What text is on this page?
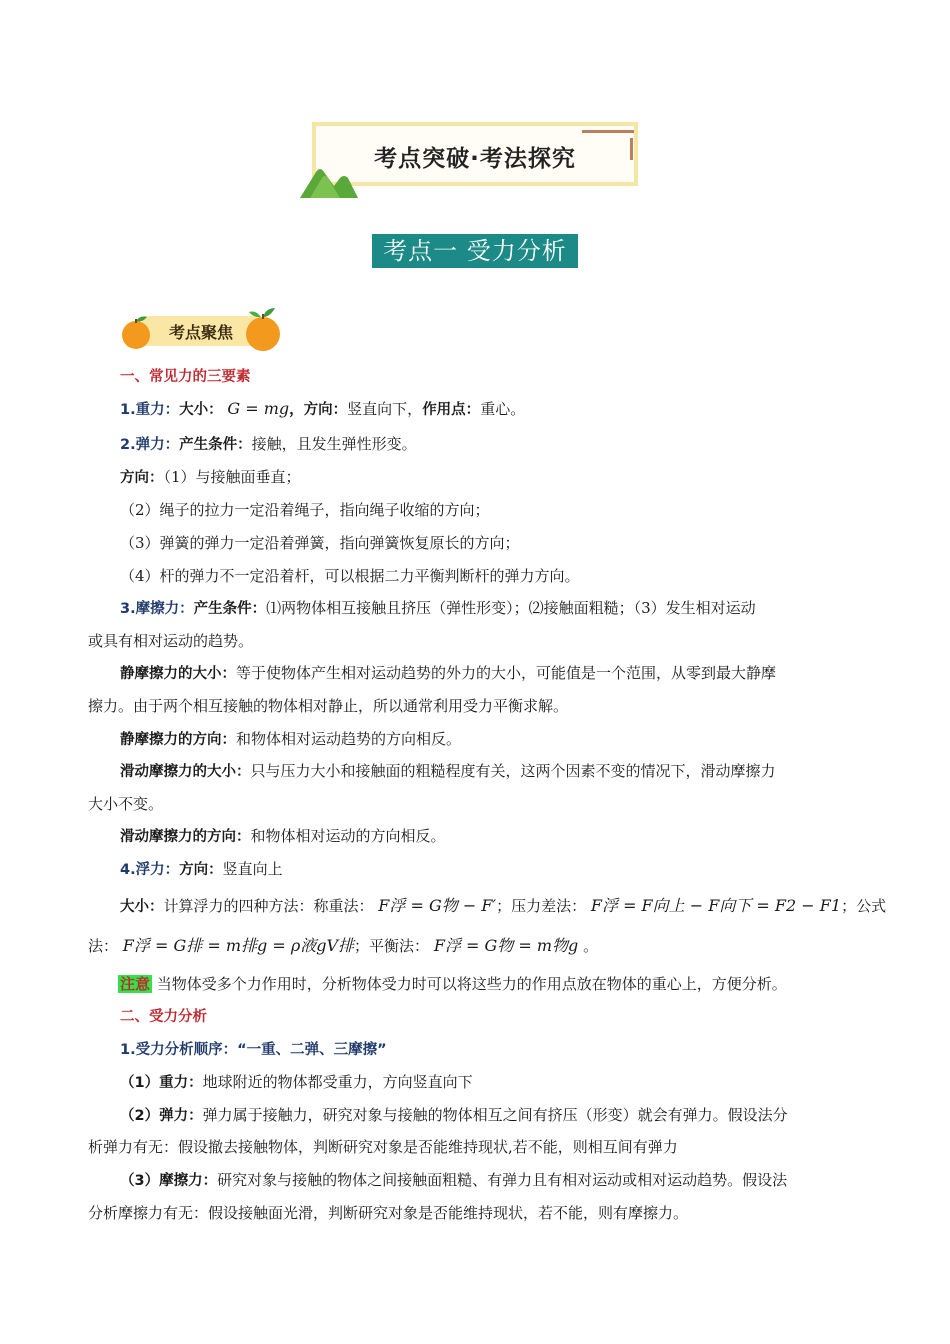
考点突破·考法探究
考点一 受力分析
考点聚焦
一、常见力的三要素
1.重力：大小： G = mg，方向：竖直向下，作用点：重心。
2.弹力：产生条件：接触，且发生弹性形变。
方向：（1）与接触面垂直；
（2）绳子的拉力一定沿着绳子，指向绳子收缩的方向；
（3）弹簧的弹力一定沿着弹簧，指向弹簧恢复原长的方向；
（4）杆的弹力不一定沿着杆，可以根据二力平衡判断杆的弹力方向。
3.摩擦力：产生条件：⑴两物体相互接触且挤压（弹性形变）；⑵接触面粗糙；（3）发生相对运动
或具有相对运动的趋势。
静摩擦力的大小：等于使物体产生相对运动趋势的外力的大小，可能值是一个范围，从零到最大静摩
擦力。由于两个相互接触的物体相对静止，所以通常利用受力平衡求解。
静摩擦力的方向：和物体相对运动趋势的方向相反。
滑动摩擦力的大小：只与压力大小和接触面的粗糙程度有关，这两个因素不变的情况下，滑动摩擦力
大小不变。
滑动摩擦力的方向：和物体相对运动的方向相反。
4.浮力：方向：竖直向上
大小：计算浮力的四种方法：称重法： F浮 = G物 − F′；压力差法： F浮 = F向上 − F向下 = F2 − F1；公式
法： F浮 = G排 = m排g = ρ液gV排；平衡法： F浮 = G物 = m物g 。
注意 当物体受多个力作用时，分析物体受力时可以将这些力的作用点放在物体的重心上，方便分析。
二、受力分析
1.受力分析顺序：“一重、二弹、三摩擦”
（1）重力：地球附近的物体都受重力，方向竖直向下
（2）弹力：弹力属于接触力，研究对象与接触的物体相互之间有挤压（形变）就会有弹力。假设法分
析弹力有无：假设撤去接触物体，判断研究对象是否能维持现状,若不能，则相互间有弹力
（3）摩擦力：研究对象与接触的物体之间接触面粗糙、有弹力且有相对运动或相对运动趋势。假设法
分析摩擦力有无：假设接触面光滑，判断研究对象是否能维持现状，若不能，则有摩擦力。
